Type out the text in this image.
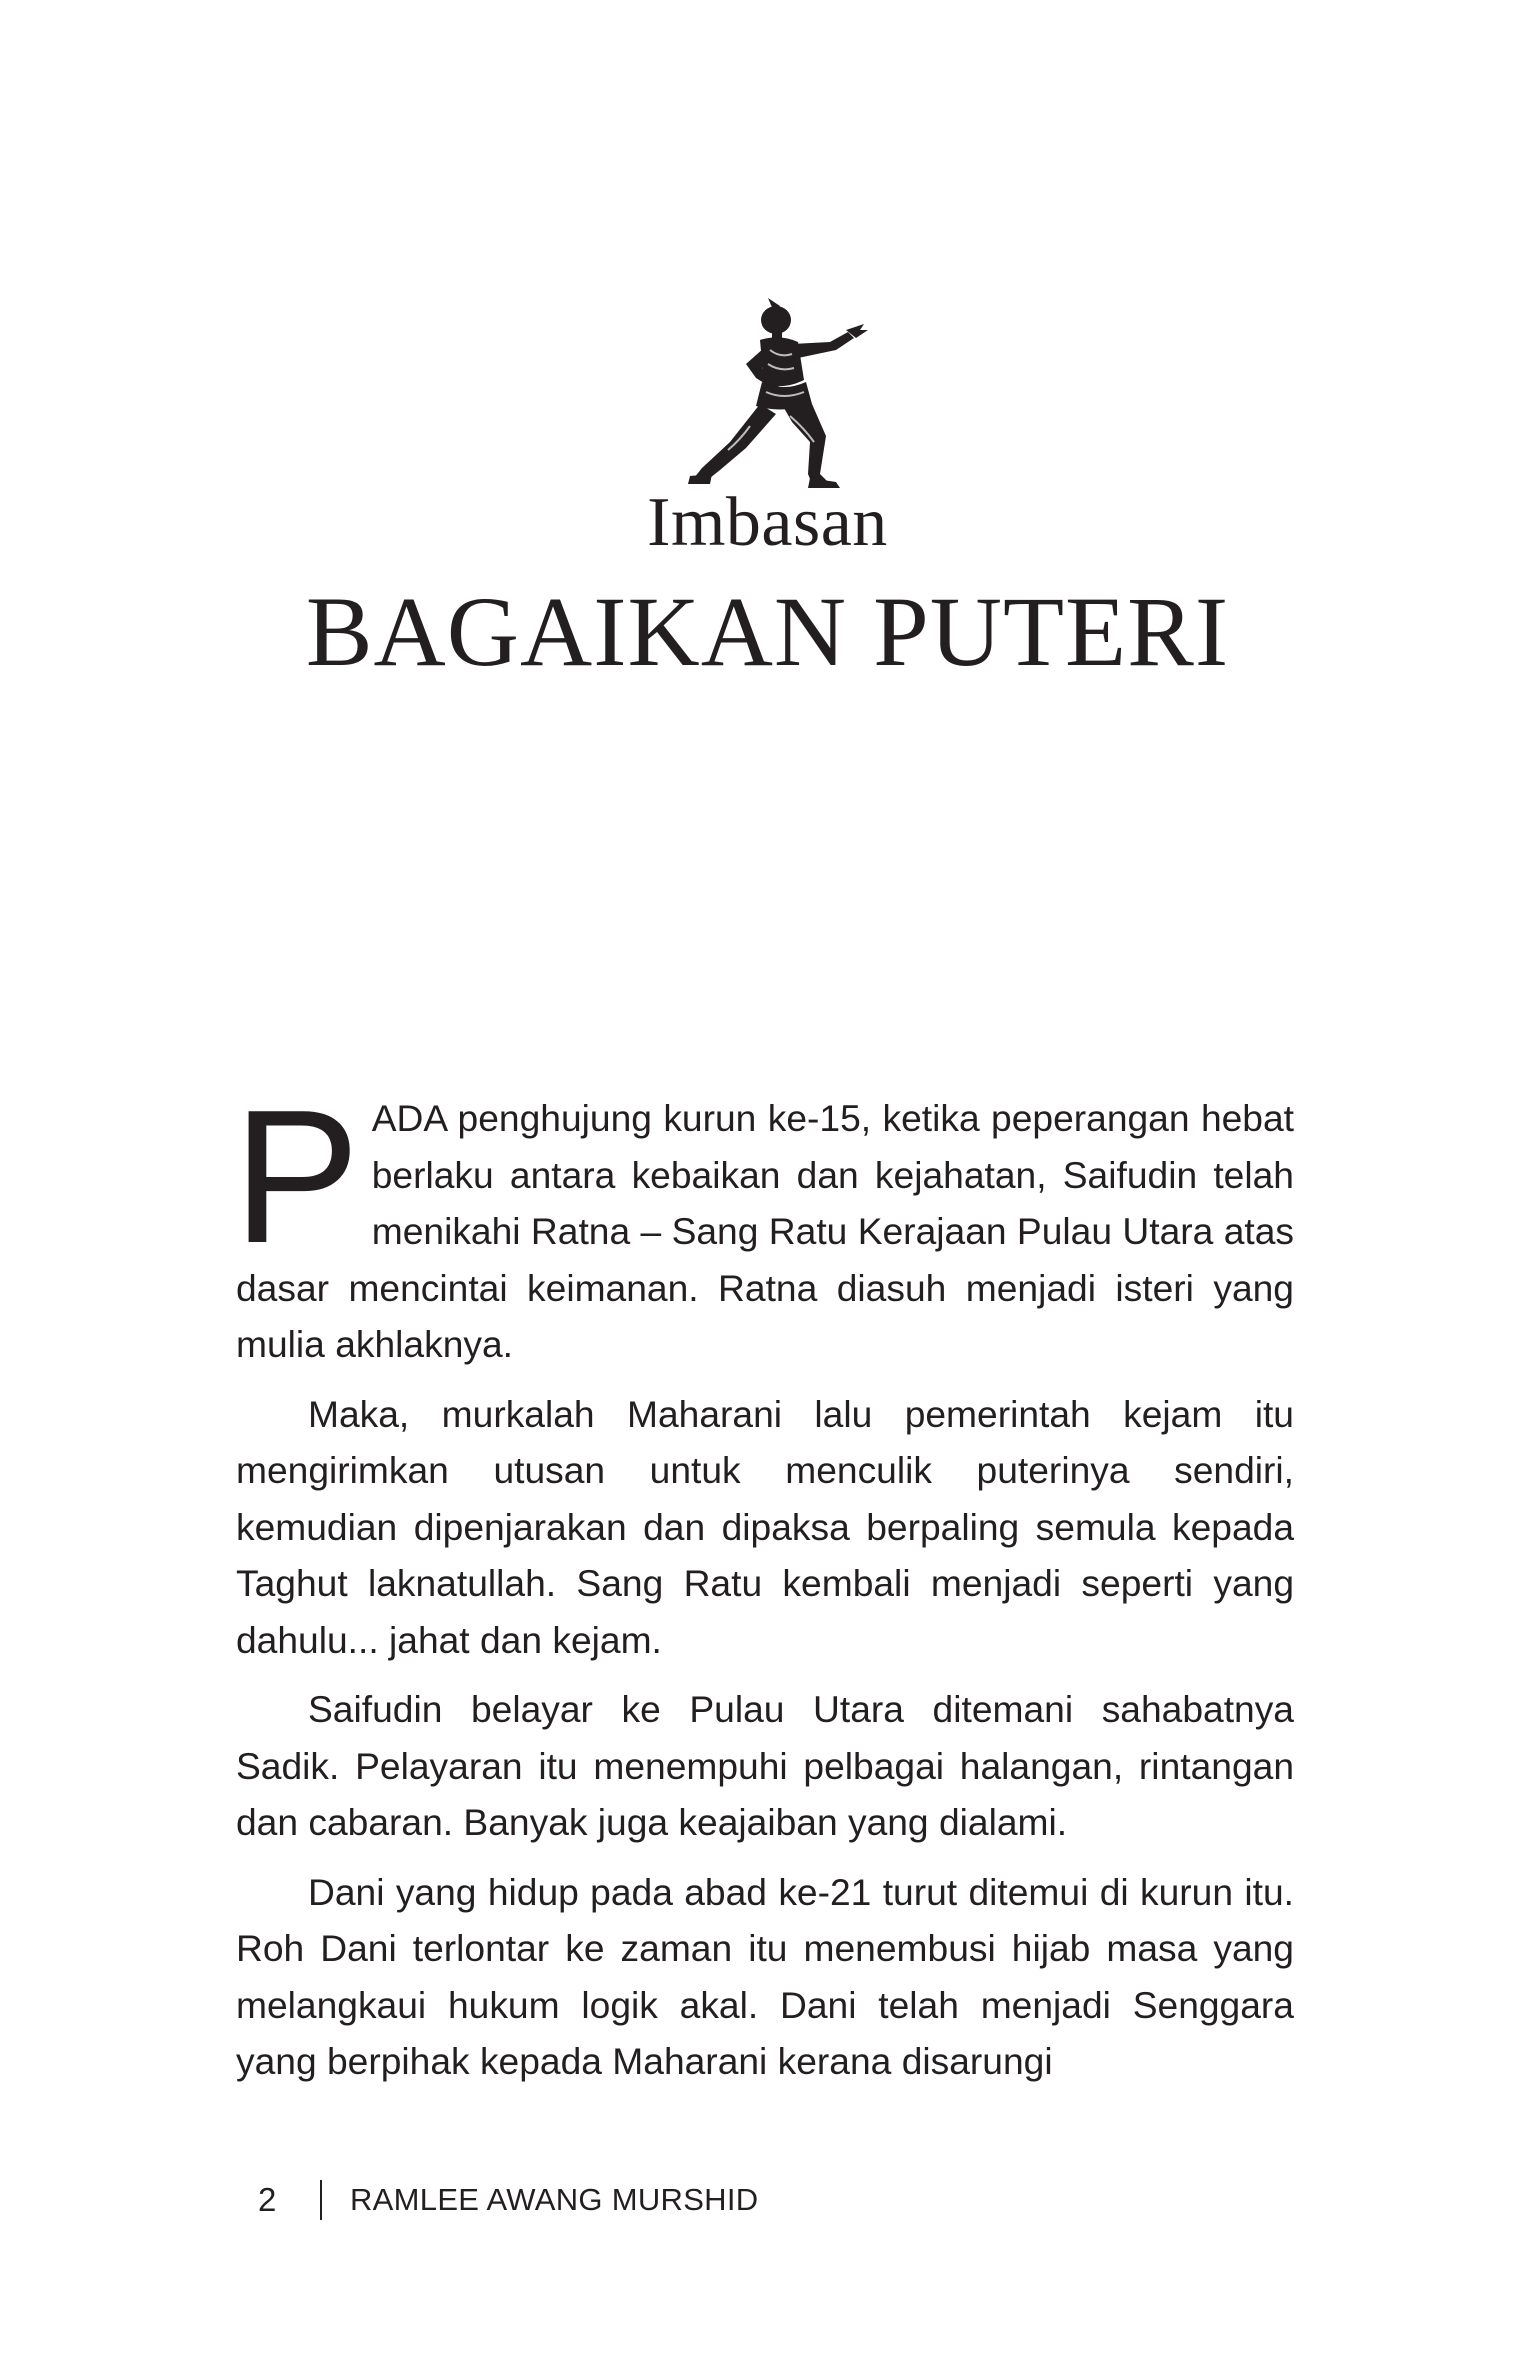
Imbasan
BAGAIKAN PUTERI

PADA penghujung kurun ke-15, ketika peperangan hebat berlaku antara kebaikan dan kejahatan, Saifudin telah menikahi Ratna – Sang Ratu Kerajaan Pulau Utara atas dasar mencintai keimanan. Ratna diasuh menjadi isteri yang mulia akhlaknya.

Maka, murkalah Maharani lalu pemerintah kejam itu mengirimkan utusan untuk menculik puterinya sendiri, kemudian dipenjarakan dan dipaksa berpaling semula kepada Taghut laknatullah. Sang Ratu kembali menjadi seperti yang dahulu... jahat dan kejam.

Saifudin belayar ke Pulau Utara ditemani sahabatnya Sadik. Pelayaran itu menempuhi pelbagai halangan, rintangan dan cabaran. Banyak juga keajaiban yang dialami.

Dani yang hidup pada abad ke-21 turut ditemui di kurun itu. Roh Dani terlontar ke zaman itu menembusi hijab masa yang melangkaui hukum logik akal. Dani telah menjadi Senggara yang berpihak kepada Maharani kerana disarungi

2	RAMLEE AWANG MURSHID
